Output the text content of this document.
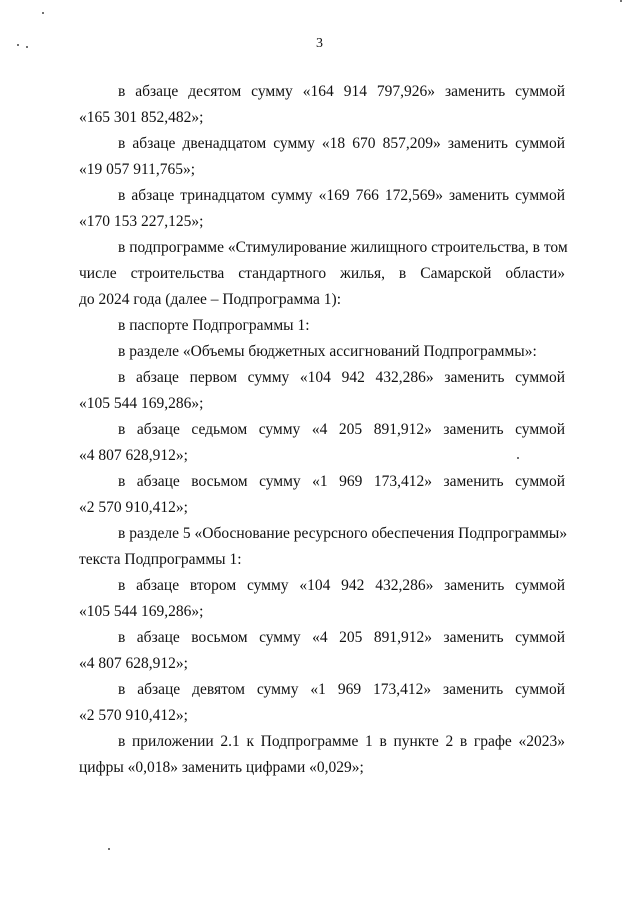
3
в абзаце десятом сумму «164 914 797,926» заменить суммой
«165 301 852,482»;
в абзаце двенадцатом сумму «18 670 857,209» заменить суммой
«19 057 911,765»;
в абзаце тринадцатом сумму «169 766 172,569» заменить суммой
«170 153 227,125»;
в подпрограмме «Стимулирование жилищного строительства, в том
числе строительства стандартного жилья, в Самарской области»
до 2024 года (далее – Подпрограмма 1):
в паспорте Подпрограммы 1:
в разделе «Объемы бюджетных ассигнований Подпрограммы»:
в абзаце первом сумму «104 942 432,286» заменить суммой
«105 544 169,286»;
в абзаце седьмом сумму «4 205 891,912» заменить суммой
«4 807 628,912»;
в абзаце восьмом сумму «1 969 173,412» заменить суммой
«2 570 910,412»;
в разделе 5 «Обоснование ресурсного обеспечения Подпрограммы»
текста Подпрограммы 1:
в абзаце втором сумму «104 942 432,286» заменить суммой
«105 544 169,286»;
в абзаце восьмом сумму «4 205 891,912» заменить суммой
«4 807 628,912»;
в абзаце девятом сумму «1 969 173,412» заменить суммой
«2 570 910,412»;
в приложении 2.1 к Подпрограмме 1 в пункте 2 в графе «2023»
цифры «0,018» заменить цифрами «0,029»;
